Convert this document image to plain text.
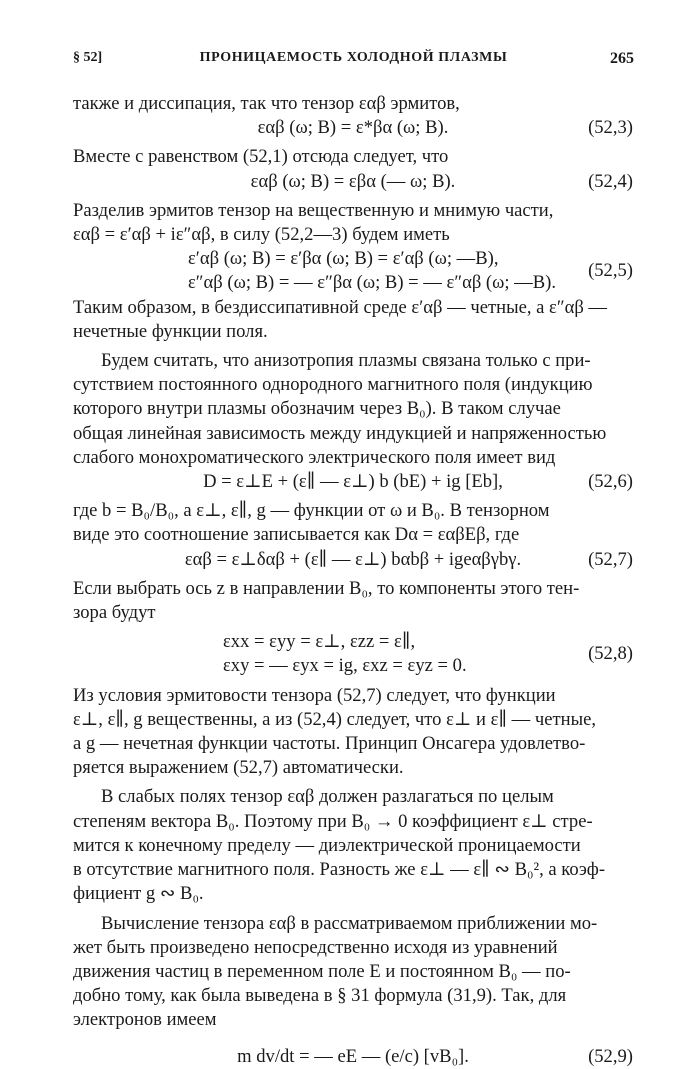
§ 52]	ПРОНИЦАЕМОСТЬ ХОЛОДНОЙ ПЛАЗМЫ	265
также и диссипация, так что тензор εαβ эрмитов,
εαβ (ω; B) = ε*βα (ω; B).	(52,3)
Вместе с равенством (52,1) отсюда следует, что
εαβ (ω; B) = εβα (— ω; B).	(52,4)
Разделив эрмитов тензор на вещественную и мнимую части,
εαβ = ε′αβ + iε″αβ, в силу (52,2—3) будем иметь
ε′αβ (ω; B) = ε′βα (ω; B) = ε′αβ (ω; —B),
ε″αβ (ω; B) = — ε″βα (ω; B) = — ε″αβ (ω; —B).
(52,5)
Таким образом, в бездиссипативной среде ε′αβ — четные, а ε″αβ —
нечетные функции поля.
Будем считать, что анизотропия плазмы связана только с при-
сутствием постоянного однородного магнитного поля (индукцию
которого внутри плазмы обозначим через B₀). В таком случае
общая линейная зависимость между индукцией и напряженностью
слабого монохроматического электрического поля имеет вид
D = ε⊥E + (ε∥ — ε⊥) b (bE) + ig [Eb],	(52,6)
где b = B₀/B₀, а ε⊥, ε∥, g — функции от ω и B₀. В тензорном
виде это соотношение записывается как Dα = εαβEβ, где
εαβ = ε⊥δαβ + (ε∥ — ε⊥) bαbβ + igeαβγbγ.	(52,7)
Если выбрать ось z в направлении B₀, то компоненты этого тен-
зора будут
εxx = εyy = ε⊥, εzz = ε∥,
εxy = — εyx = ig, εxz = εyz = 0.
(52,8)
Из условия эрмитовости тензора (52,7) следует, что функции
ε⊥, ε∥, g вещественны, а из (52,4) следует, что ε⊥ и ε∥ — четные,
а g — нечетная функции частоты. Принцип Онсагера удовлетво-
ряется выражением (52,7) автоматически.
В слабых полях тензор εαβ должен разлагаться по целым
степеням вектора B₀. Поэтому при B₀ → 0 коэффициент ε⊥ стре-
мится к конечному пределу — диэлектрической проницаемости
в отсутствие магнитного поля. Разность же ε⊥ — ε∥ ∾ B₀², а коэф-
фициент g ∾ B₀.
Вычисление тензора εαβ в рассматриваемом приближении мо-
жет быть произведено непосредственно исходя из уравнений
движения частиц в переменном поле E и постоянном B₀ — по-
добно тому, как была выведена в § 31 формула (31,9). Так, для
электронов имеем
m dv/dt = — eE — (e/c) [vB₀].	(52,9)
